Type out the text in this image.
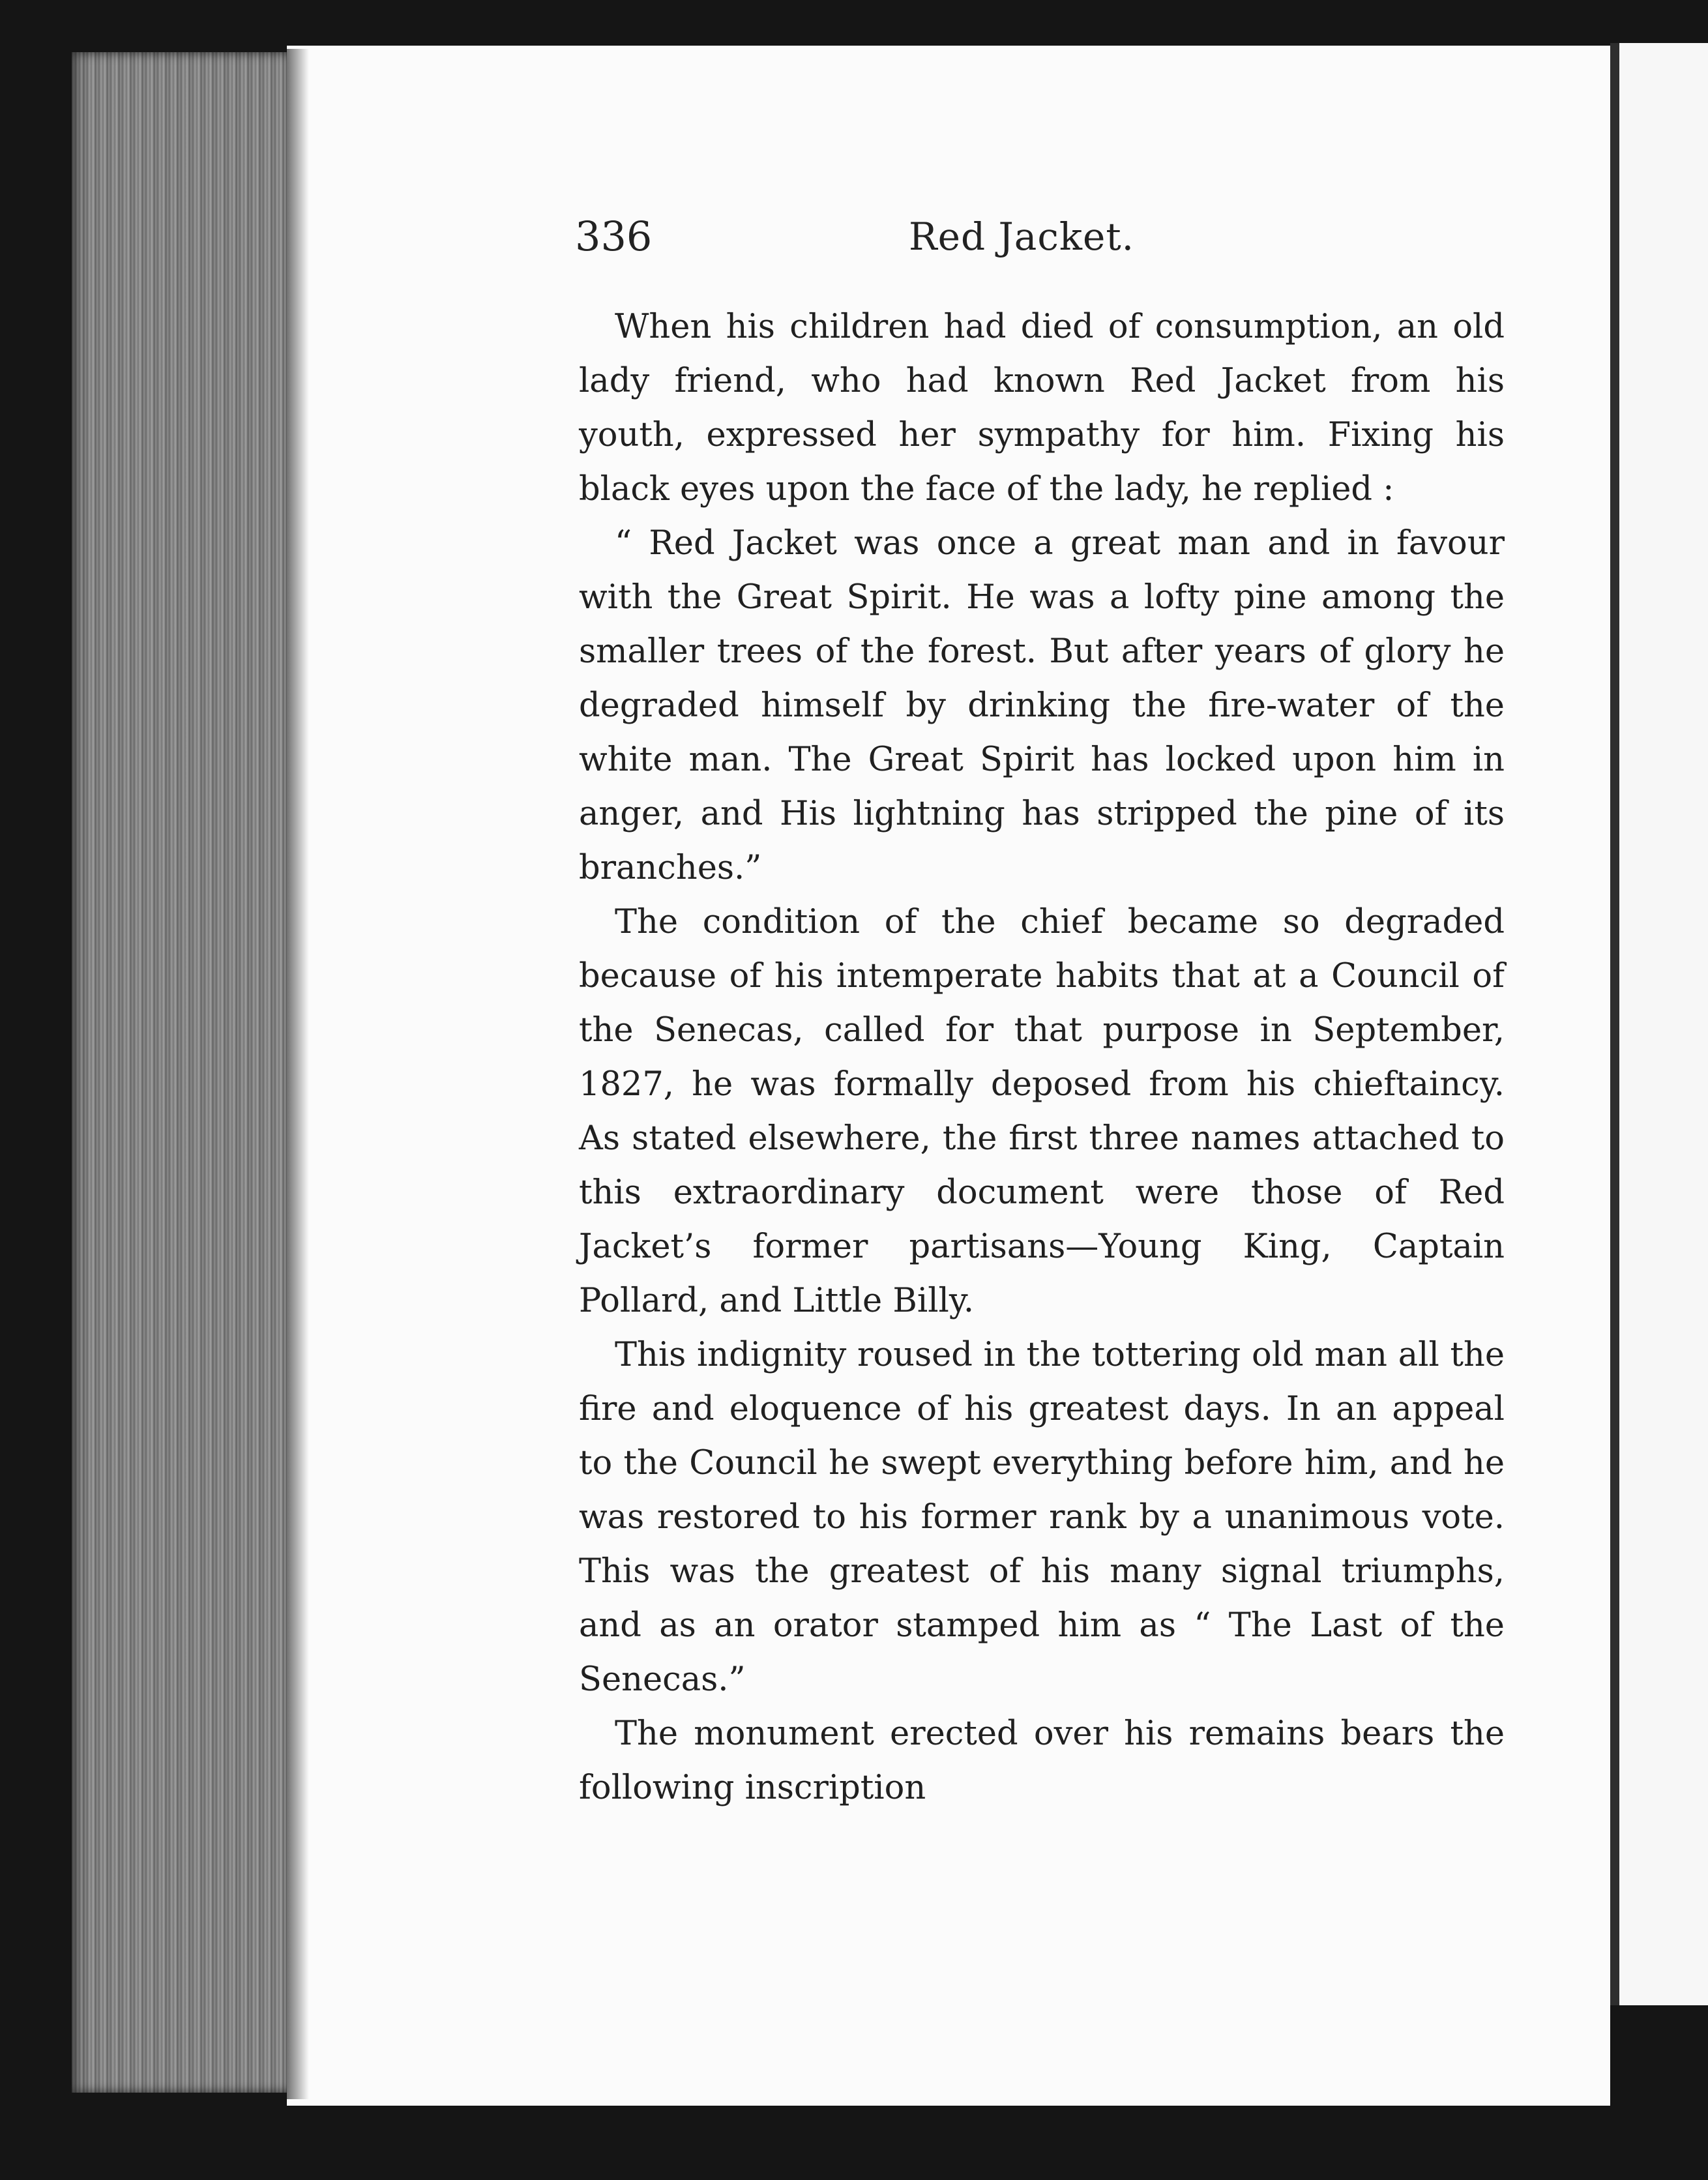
336	Red Jacket.

When his children had died of consumption, an old lady friend, who had known Red Jacket from his youth, expressed her sympathy for him. Fixing his black eyes upon the face of the lady, he replied :

“ Red Jacket was once a great man and in favour with the Great Spirit. He was a lofty pine among the smaller trees of the forest. But after years of glory he degraded himself by drinking the fire-water of the white man. The Great Spirit has locked upon him in anger, and His lightning has stripped the pine of its branches.”

The condition of the chief became so degraded because of his intemperate habits that at a Council of the Senecas, called for that purpose in September, 1827, he was formally deposed from his chieftaincy. As stated elsewhere, the first three names attached to this extraordinary document were those of Red Jacket’s former partisans—Young King, Captain Pollard, and Little Billy.

This indignity roused in the tottering old man all the fire and eloquence of his greatest days. In an appeal to the Council he swept everything before him, and he was restored to his former rank by a unanimous vote. This was the greatest of his many signal triumphs, and as an orator stamped him as “ The Last of the Senecas.”

The monument erected over his remains bears the following inscription
